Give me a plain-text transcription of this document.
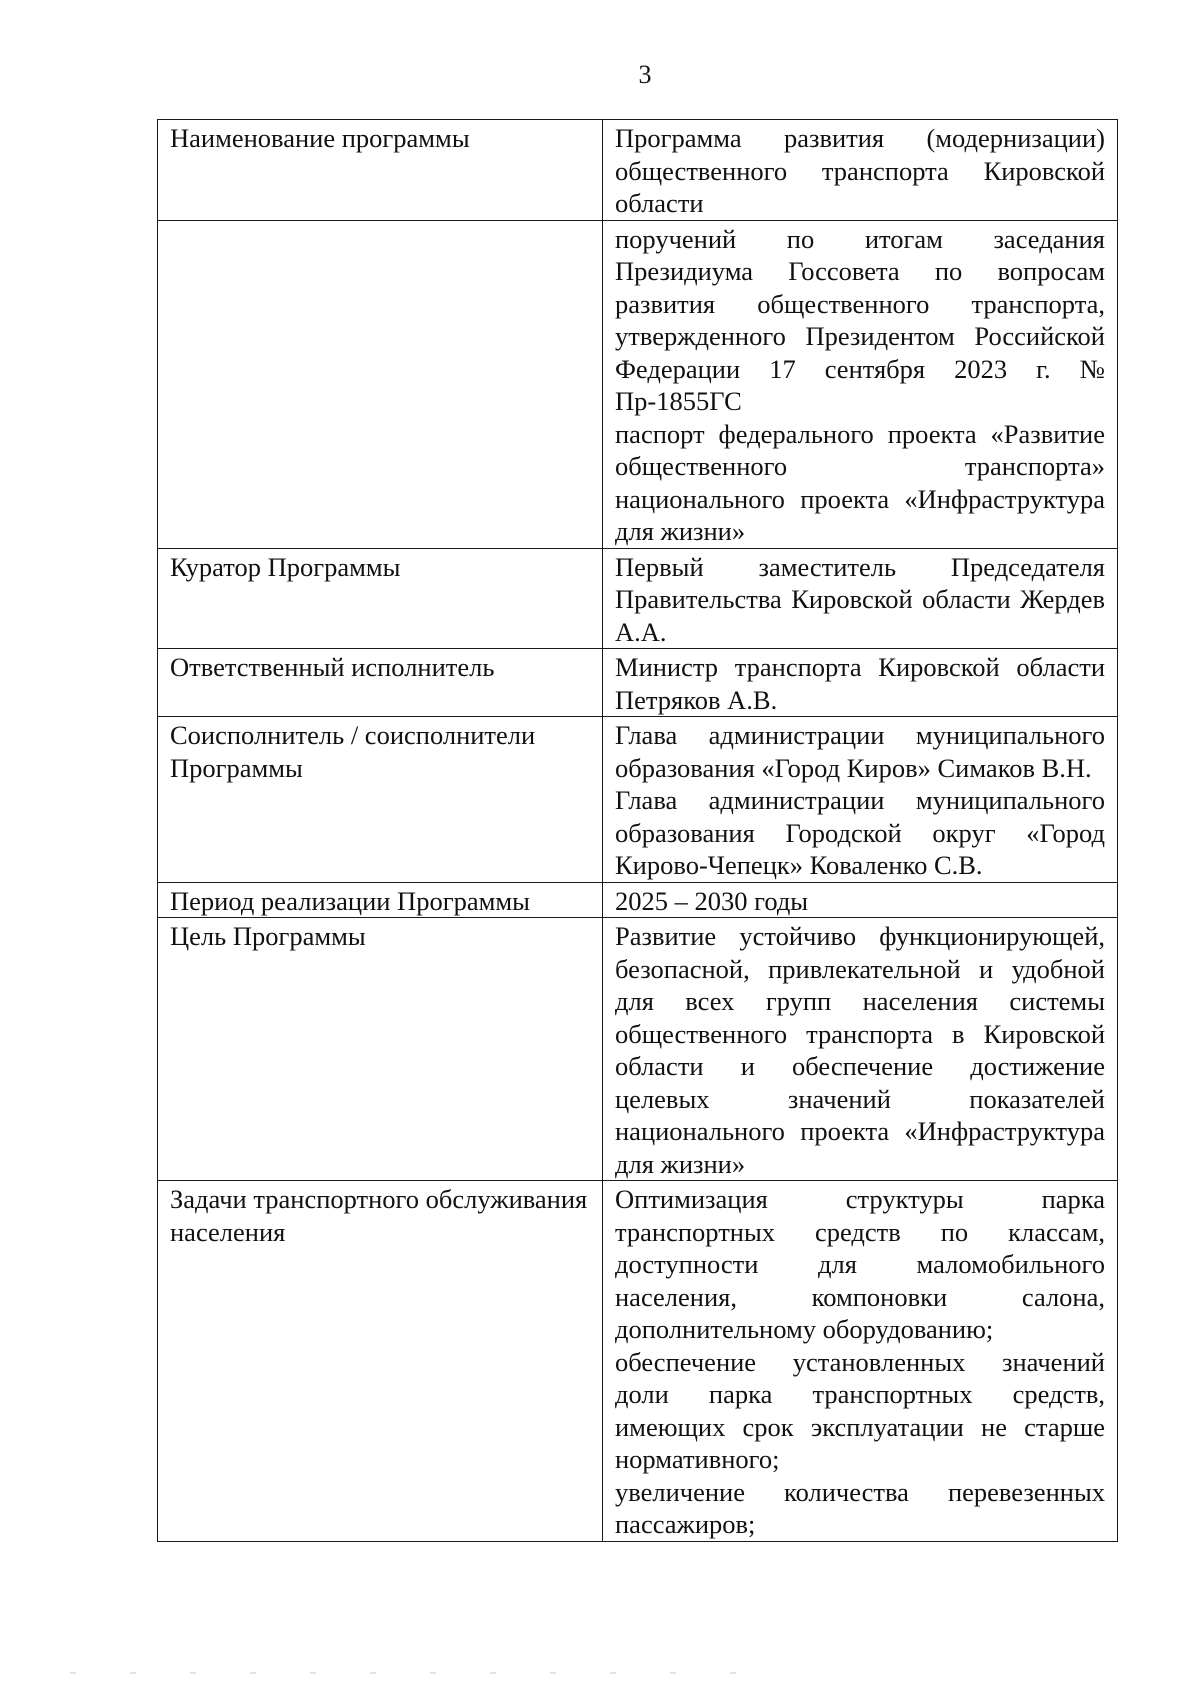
3
Наименование программы	Программа развития (модернизации) общественного транспорта Кировской области

	поручений по итогам заседания Президиума Госсовета по вопросам развития общественного транспорта, утвержденного Президентом Российской Федерации 17 сентября 2023 г. № Пр-1855ГС

паспорт федерального проекта «Развитие общественного транспорта» национального проекта «Инфраструктура для жизни»

Куратор Программы	Первый заместитель Председателя Правительства Кировской области Жердев А.А.

Ответственный исполнитель	Министр транспорта Кировской области Петряков А.В.

Соисполнитель / соисполнители Программы	Глава администрации муниципального образования «Город Киров» Симаков В.Н.

Глава администрации муниципального образования Городской округ «Город Кирово-Чепецк» Коваленко С.В.

Период реализации Программы	2025 – 2030 годы

Цель Программы	Развитие устойчиво функционирующей, безопасной, привлекательной и удобной для всех групп населения системы общественного транспорта в Кировской области и обеспечение достижение целевых значений показателей национального проекта «Инфраструктура для жизни»

Задачи транспортного обслуживания населения	Оптимизация структуры парка транспортных средств по классам, доступности для маломобильного населения, компоновки салона, дополнительному оборудованию;

обеспечение установленных значений доли парка транспортных средств, имеющих срок эксплуатации не старше нормативного;

увеличение количества перевезенных пассажиров;
